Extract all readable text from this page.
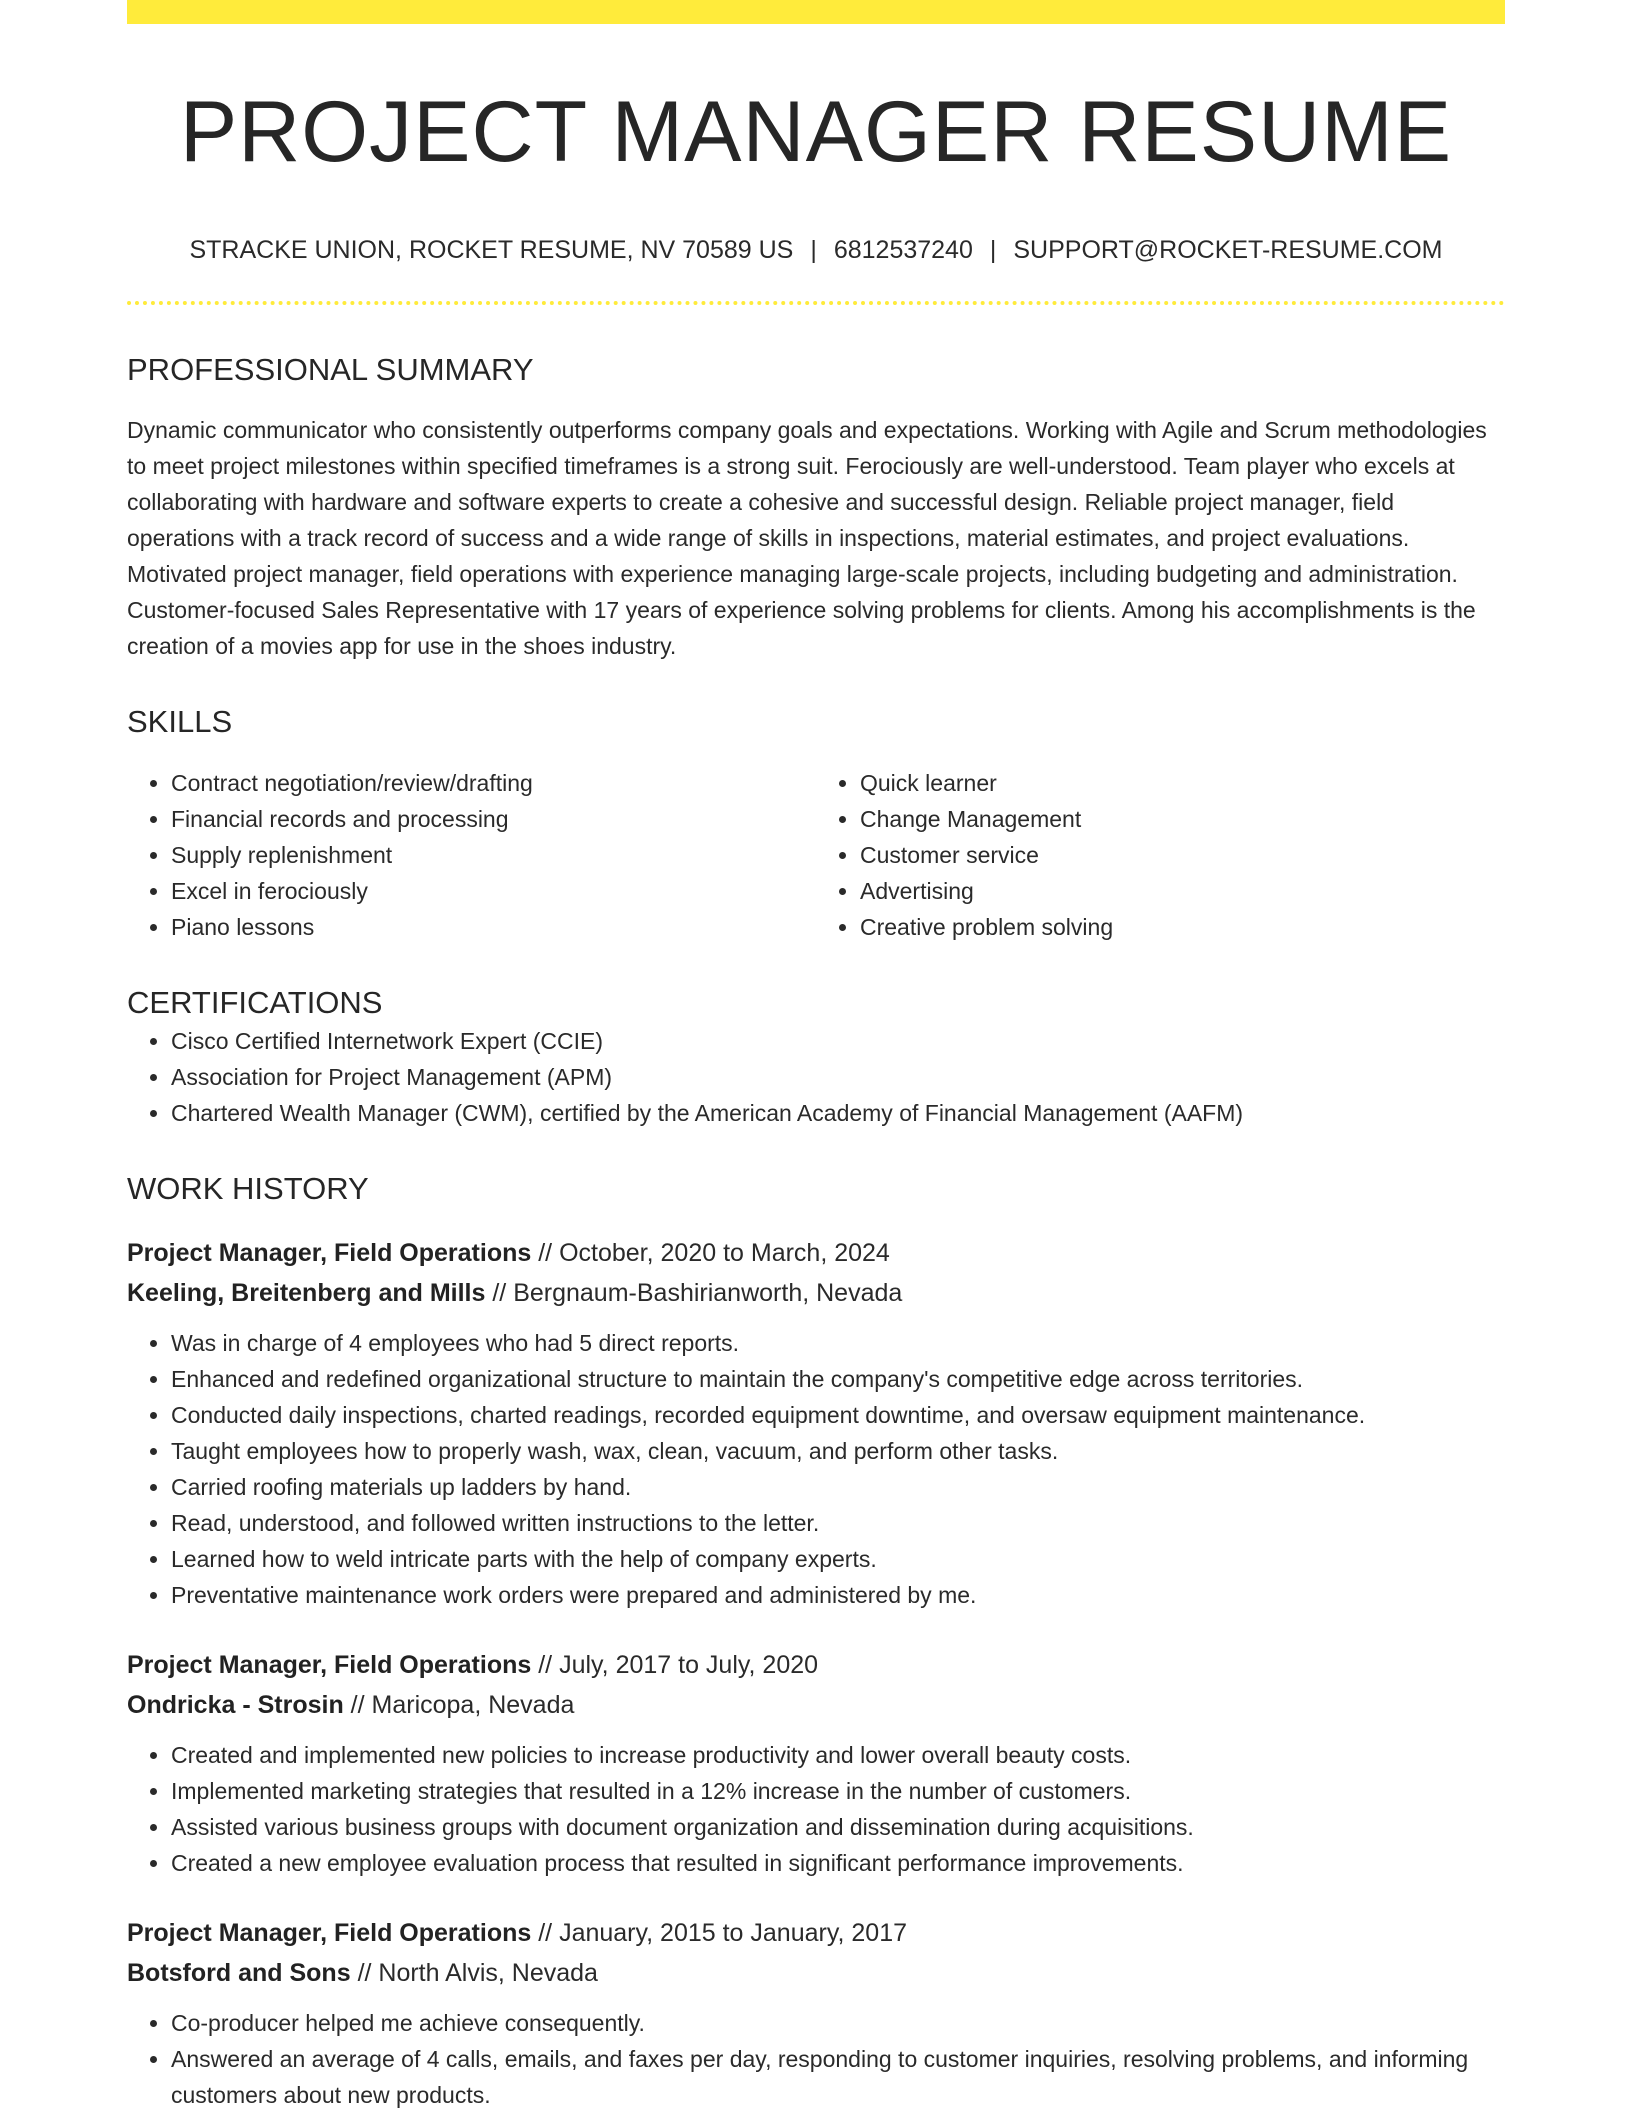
PROJECT MANAGER RESUME
STRACKE UNION, ROCKET RESUME, NV 70589 US | 6812537240 | SUPPORT@ROCKET-RESUME.COM
PROFESSIONAL SUMMARY

Dynamic communicator who consistently outperforms company goals and expectations. Working with Agile and Scrum methodologies to meet project milestones within specified timeframes is a strong suit. Ferociously are well-understood. Team player who excels at collaborating with hardware and software experts to create a cohesive and successful design. Reliable project manager, field operations with a track record of success and a wide range of skills in inspections, material estimates, and project evaluations. Motivated project manager, field operations with experience managing large-scale projects, including budgeting and administration. Customer-focused Sales Representative with 17 years of experience solving problems for clients. Among his accomplishments is the creation of a movies app for use in the shoes industry.

SKILLS
• Contract negotiation/review/drafting
• Financial records and processing
• Supply replenishment
• Excel in ferociously
• Piano lessons
• Quick learner
• Change Management
• Customer service
• Advertising
• Creative problem solving
CERTIFICATIONS
• Cisco Certified Internetwork Expert (CCIE)
• Association for Project Management (APM)
• Chartered Wealth Manager (CWM), certified by the American Academy of Financial Management (AAFM)
WORK HISTORY
Project Manager, Field Operations // October, 2020 to March, 2024
Keeling, Breitenberg and Mills // Bergnaum-Bashirianworth, Nevada
• Was in charge of 4 employees who had 5 direct reports.
• Enhanced and redefined organizational structure to maintain the company's competitive edge across territories.
• Conducted daily inspections, charted readings, recorded equipment downtime, and oversaw equipment maintenance.
• Taught employees how to properly wash, wax, clean, vacuum, and perform other tasks.
• Carried roofing materials up ladders by hand.
• Read, understood, and followed written instructions to the letter.
• Learned how to weld intricate parts with the help of company experts.
• Preventative maintenance work orders were prepared and administered by me.
Project Manager, Field Operations // July, 2017 to July, 2020
Ondricka - Strosin // Maricopa, Nevada
• Created and implemented new policies to increase productivity and lower overall beauty costs.
• Implemented marketing strategies that resulted in a 12% increase in the number of customers.
• Assisted various business groups with document organization and dissemination during acquisitions.
• Created a new employee evaluation process that resulted in significant performance improvements.
Project Manager, Field Operations // January, 2015 to January, 2017
Botsford and Sons // North Alvis, Nevada
• Co-producer helped me achieve consequently.
• Answered an average of 4 calls, emails, and faxes per day, responding to customer inquiries, resolving problems, and informing customers about new products.
